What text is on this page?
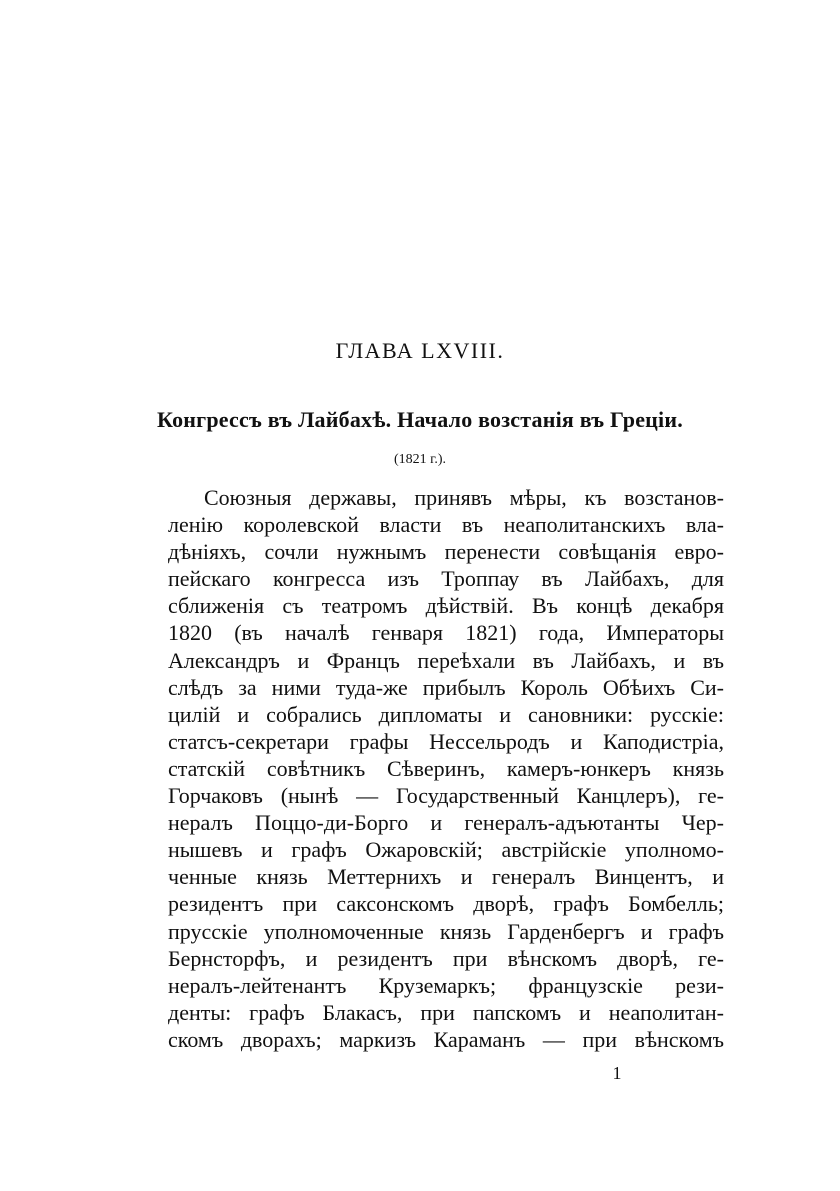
ГЛАВА LXVIII.
Конгрессъ въ Лайбахѣ. Начало возстанія въ Греціи.
(1821 г.).
Союзныя державы, принявъ мѣры, къ возстанов-
ленію королевской власти въ неаполитанскихъ вла-
дѣніяхъ, сочли нужнымъ перенести совѣщанія евро-
пейскаго конгресса изъ Троппау въ Лайбахъ, для
сближенія съ театромъ дѣйствій. Въ концѣ декабря
1820 (въ началѣ генваря 1821) года, Императоры
Александръ и Францъ переѣхали въ Лайбахъ, и въ
слѣдъ за ними туда-же прибылъ Король Обѣихъ Си-
цилій и собрались дипломаты и сановники: русскіе:
статсъ-секретари графы Нессельродъ и Каподистріа,
статскій совѣтникъ Сѣверинъ, камеръ-юнкеръ князь
Горчаковъ (нынѣ — Государственный Канцлеръ), ге-
нералъ Поццо-ди-Борго и генералъ-адъютанты Чер-
нышевъ и графъ Ожаровскій; австрійскіе уполномо-
ченные князь Меттернихъ и генералъ Винцентъ, и
резидентъ при саксонскомъ дворѣ, графъ Бомбелль;
прусскіе уполномоченные князь Гарденбергъ и графъ
Бернсторфъ, и резидентъ при вѣнскомъ дворѣ, ге-
нералъ-лейтенантъ Круземаркъ; французскіе рези-
денты: графъ Блакасъ, при папскомъ и неаполитан-
скомъ дворахъ; маркизъ Караманъ — при вѣнскомъ
1
